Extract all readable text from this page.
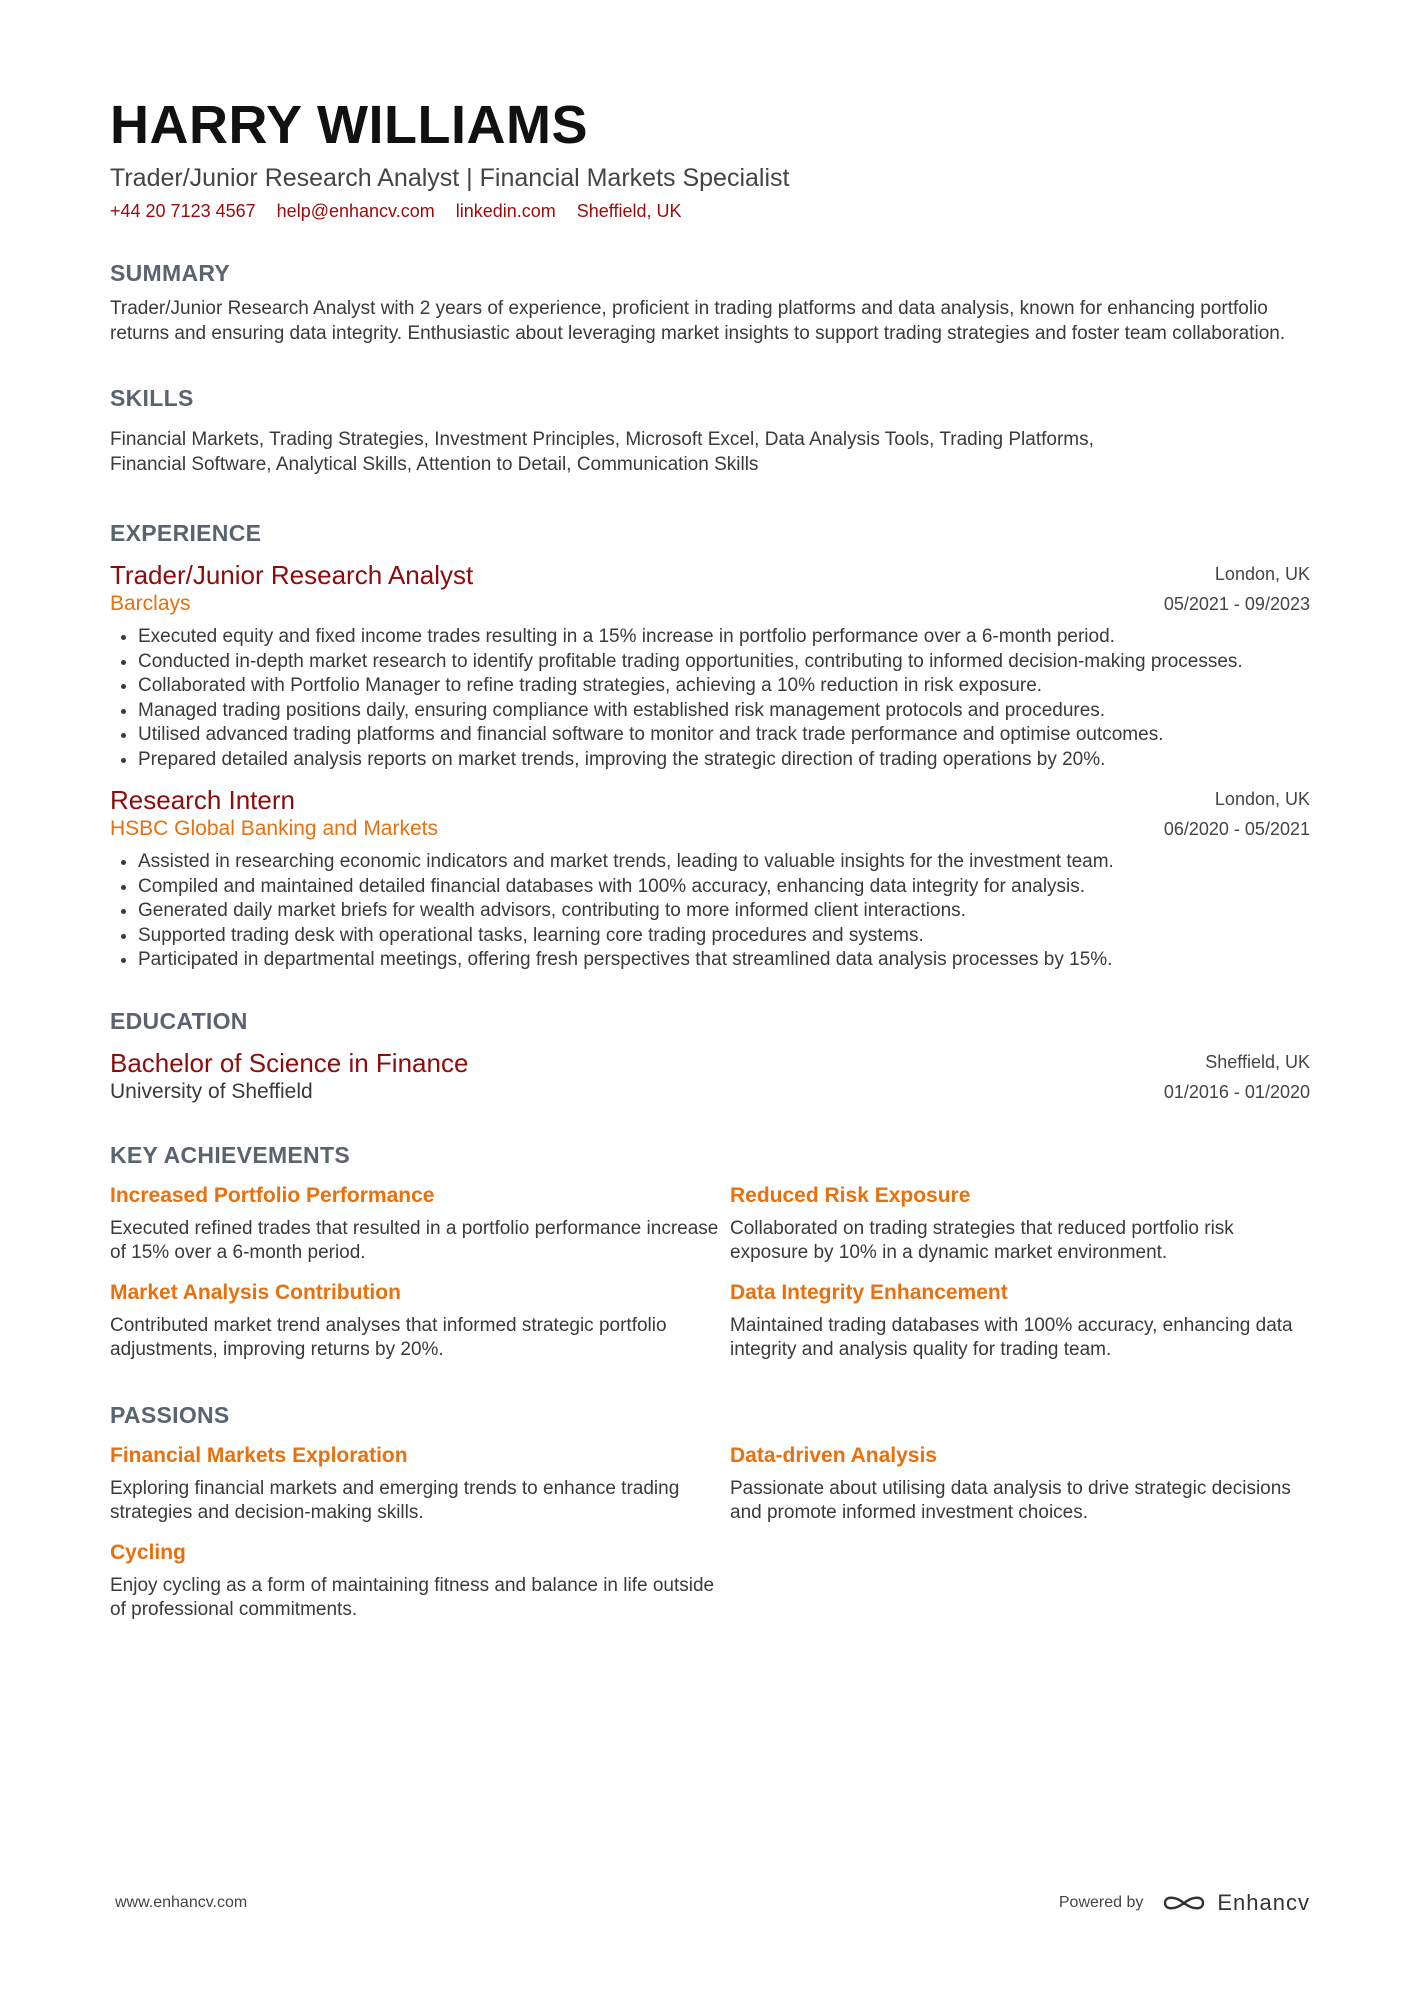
HARRY WILLIAMS
Trader/Junior Research Analyst | Financial Markets Specialist
+44 20 7123 4567 help@enhancv.com linkedin.com Sheffield, UK
SUMMARY
Trader/Junior Research Analyst with 2 years of experience, proficient in trading platforms and data analysis, known for enhancing portfolio returns and ensuring data integrity. Enthusiastic about leveraging market insights to support trading strategies and foster team collaboration.
SKILLS
Financial Markets, Trading Strategies, Investment Principles, Microsoft Excel, Data Analysis Tools, Trading Platforms,
Financial Software, Analytical Skills, Attention to Detail, Communication Skills
EXPERIENCE
Trader/Junior Research Analyst
Barclays
London, UK
05/2021 - 09/2023
• Executed equity and fixed income trades resulting in a 15% increase in portfolio performance over a 6-month period.
• Conducted in-depth market research to identify profitable trading opportunities, contributing to informed decision-making processes.
• Collaborated with Portfolio Manager to refine trading strategies, achieving a 10% reduction in risk exposure.
• Managed trading positions daily, ensuring compliance with established risk management protocols and procedures.
• Utilised advanced trading platforms and financial software to monitor and track trade performance and optimise outcomes.
• Prepared detailed analysis reports on market trends, improving the strategic direction of trading operations by 20%.
Research Intern
HSBC Global Banking and Markets
London, UK
06/2020 - 05/2021
• Assisted in researching economic indicators and market trends, leading to valuable insights for the investment team.
• Compiled and maintained detailed financial databases with 100% accuracy, enhancing data integrity for analysis.
• Generated daily market briefs for wealth advisors, contributing to more informed client interactions.
• Supported trading desk with operational tasks, learning core trading procedures and systems.
• Participated in departmental meetings, offering fresh perspectives that streamlined data analysis processes by 15%.
EDUCATION
Bachelor of Science in Finance
University of Sheffield
Sheffield, UK
01/2016 - 01/2020
KEY ACHIEVEMENTS
Increased Portfolio Performance
Executed refined trades that resulted in a portfolio performance increase of 15% over a 6-month period.
Reduced Risk Exposure
Collaborated on trading strategies that reduced portfolio risk exposure by 10% in a dynamic market environment.
Market Analysis Contribution
Contributed market trend analyses that informed strategic portfolio adjustments, improving returns by 20%.
Data Integrity Enhancement
Maintained trading databases with 100% accuracy, enhancing data integrity and analysis quality for trading team.
PASSIONS
Financial Markets Exploration
Exploring financial markets and emerging trends to enhance trading strategies and decision-making skills.
Data-driven Analysis
Passionate about utilising data analysis to drive strategic decisions and promote informed investment choices.
Cycling
Enjoy cycling as a form of maintaining fitness and balance in life outside of professional commitments.
www.enhancv.com	Powered by	Enhancv
